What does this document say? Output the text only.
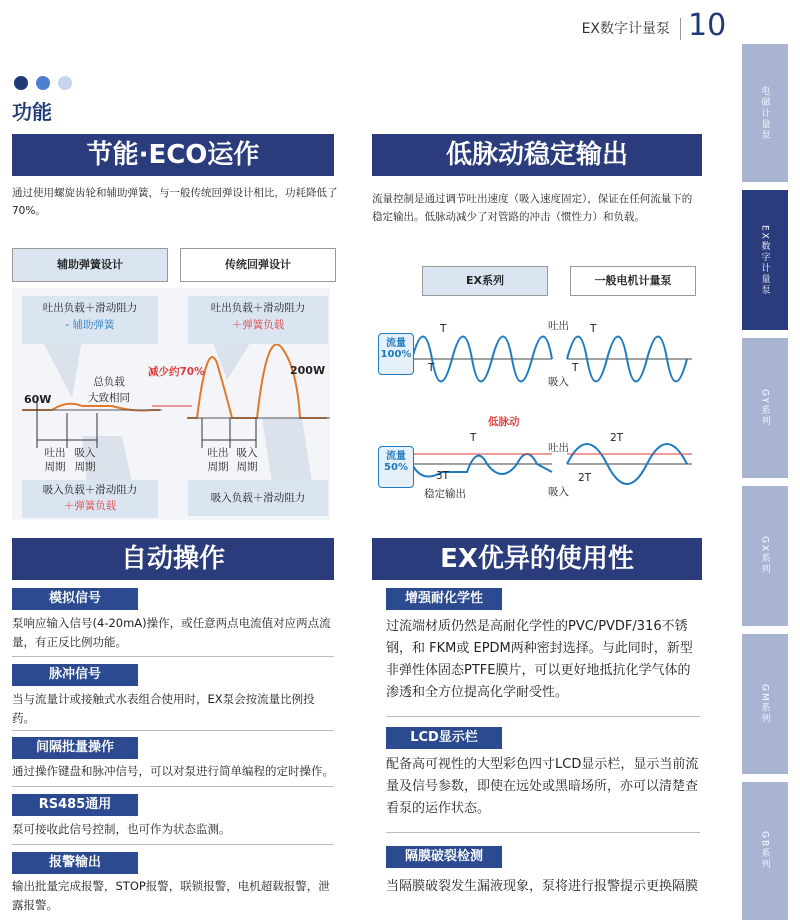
EX数字计量泵 10
功能	电磁计量泵
EX数字计量泵
GY系列
GX系列
GM系列
GB系列
节能·ECO运作
通过使用螺旋齿轮和辅助弹簧，与一般传统回弹设计相比，功耗降低了70%。
辅助弹簧设计	传统回弹设计
吐出负载＋滑动阻力
- 辅助弹簧
吐出负载＋滑动阻力
＋弹簧负载
减少约70%
60W
200W
总负载
大致相同
吐出
周期
吸入
周期
吐出
周期
吸入
周期
吸入负载＋滑动阻力
＋弹簧负载
吸入负载＋滑动阻力
低脉动稳定输出
流量控制是通过调节吐出速度（吸入速度固定），保证在任何流量下的稳定输出。低脉动减少了对管路的冲击（惯性力）和负载。
EX系列	一般电机计量泵
流量
100%
流量
50%
吐出
吸入
吐出
吸入
T
T
T
T
T
3T
2T
2T
低脉动
稳定输出
自动操作
模拟信号
泵响应输入信号(4-20mA)操作，或任意两点电流值对应两点流量，有正反比例功能。
脉冲信号
当与流量计或接触式水表组合使用时，EX泵会按流量比例投药。
间隔批量操作
通过操作键盘和脉冲信号，可以对泵进行简单编程的定时操作。
RS485通用
泵可接收此信号控制，也可作为状态监测。
报警输出
输出批量完成报警，STOP报警，联锁报警，电机超载报警，泄露报警。
EX优异的使用性
增强耐化学性
过流端材质仍然是高耐化学性的PVC/PVDF/316不锈钢，和 FKM或 EPDM两种密封选择。与此同时，新型非弹性体固态PTFE膜片，可以更好地抵抗化学气体的渗透和全方位提高化学耐受性。
LCD显示栏
配备高可视性的大型彩色四寸LCD显示栏，显示当前流量及信号参数，即使在远处或黑暗场所，亦可以清楚查看泵的运作状态。
隔膜破裂检测
当隔膜破裂发生漏液现象，泵将进行报警提示更换隔膜
